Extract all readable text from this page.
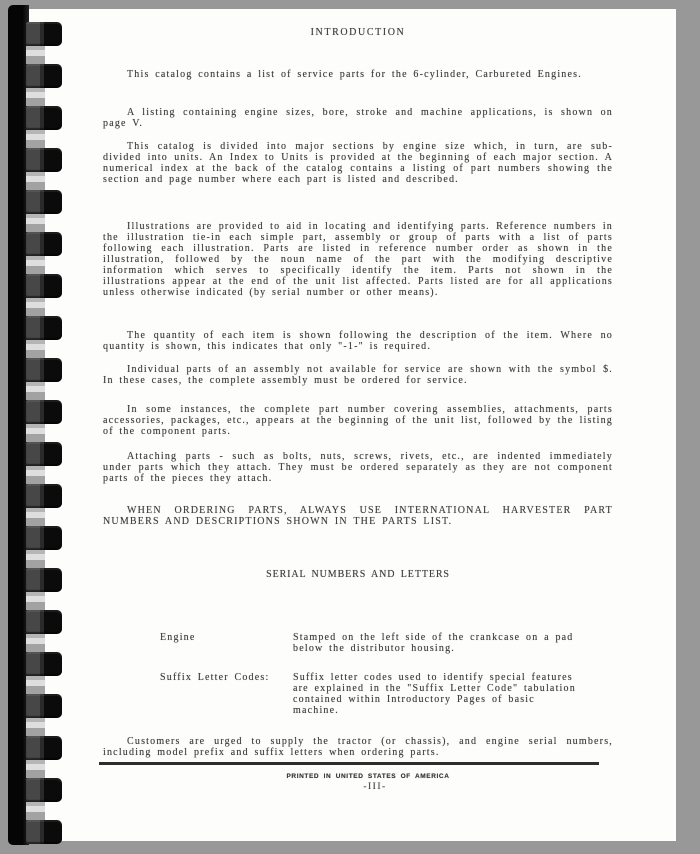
INTRODUCTION

This catalog contains a list of service parts for the 6-cylinder, Carbureted Engines.

A listing containing engine sizes, bore, stroke and machine applications, is shown on page V.

This catalog is divided into major sections by engine size which, in turn, are sub-divided into units. An Index to Units is provided at the beginning of each major section. A numerical index at the back of the catalog contains a listing of part numbers showing the section and page number where each part is listed and described.

Illustrations are provided to aid in locating and identifying parts. Reference numbers in the illustration tie-in each simple part, assembly or group of parts with a list of parts following each illustration. Parts are listed in reference number order as shown in the illustration, followed by the noun name of the part with the modifying descriptive information which serves to specifically identify the item. Parts not shown in the illustrations appear at the end of the unit list affected. Parts listed are for all applications unless otherwise indicated (by serial number or other means).

The quantity of each item is shown following the description of the item. Where no quantity is shown, this indicates that only "-1-" is required.

Individual parts of an assembly not available for service are shown with the symbol $. In these cases, the complete assembly must be ordered for service.

In some instances, the complete part number covering assemblies, attachments, parts accessories, packages, etc., appears at the beginning of the unit list, followed by the listing of the component parts.

Attaching parts - such as bolts, nuts, screws, rivets, etc., are indented immediately under parts which they attach. They must be ordered separately as they are not component parts of the pieces they attach.

WHEN ORDERING PARTS, ALWAYS USE INTERNATIONAL HARVESTER PART NUMBERS AND DESCRIPTIONS SHOWN IN THE PARTS LIST.

SERIAL NUMBERS AND LETTERS
Engine	Stamped on the left side of the crankcase on a pad below the distributor housing.
Suffix Letter Codes: Suffix letter codes used to identify special features are explained in the "Suffix Letter Code" tabulation contained within Introductory Pages of basic machine.

Customers are urged to supply the tractor (or chassis), and engine serial numbers, including model prefix and suffix letters when ordering parts.

PRINTED IN UNITED STATES OF AMERICA
-III-
